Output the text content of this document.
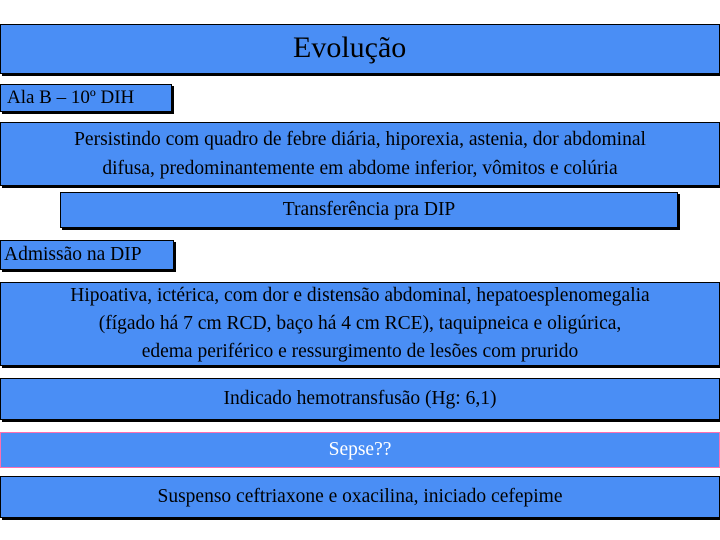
Evolução
Ala B – 10º DIH
Persistindo com quadro de febre diária, hiporexia, astenia, dor abdominal
difusa, predominantemente em abdome inferior, vômitos e colúria
Transferência pra DIP
Admissão na DIP
Hipoativa, ictérica, com dor e distensão abdominal, hepatoesplenomegalia
(fígado há 7 cm RCD, baço há 4 cm RCE), taquipneica e oligúrica,
edema periférico e ressurgimento de lesões com prurido
Indicado hemotransfusão (Hg: 6,1)
Sepse??
Suspenso ceftriaxone e oxacilina, iniciado cefepime
